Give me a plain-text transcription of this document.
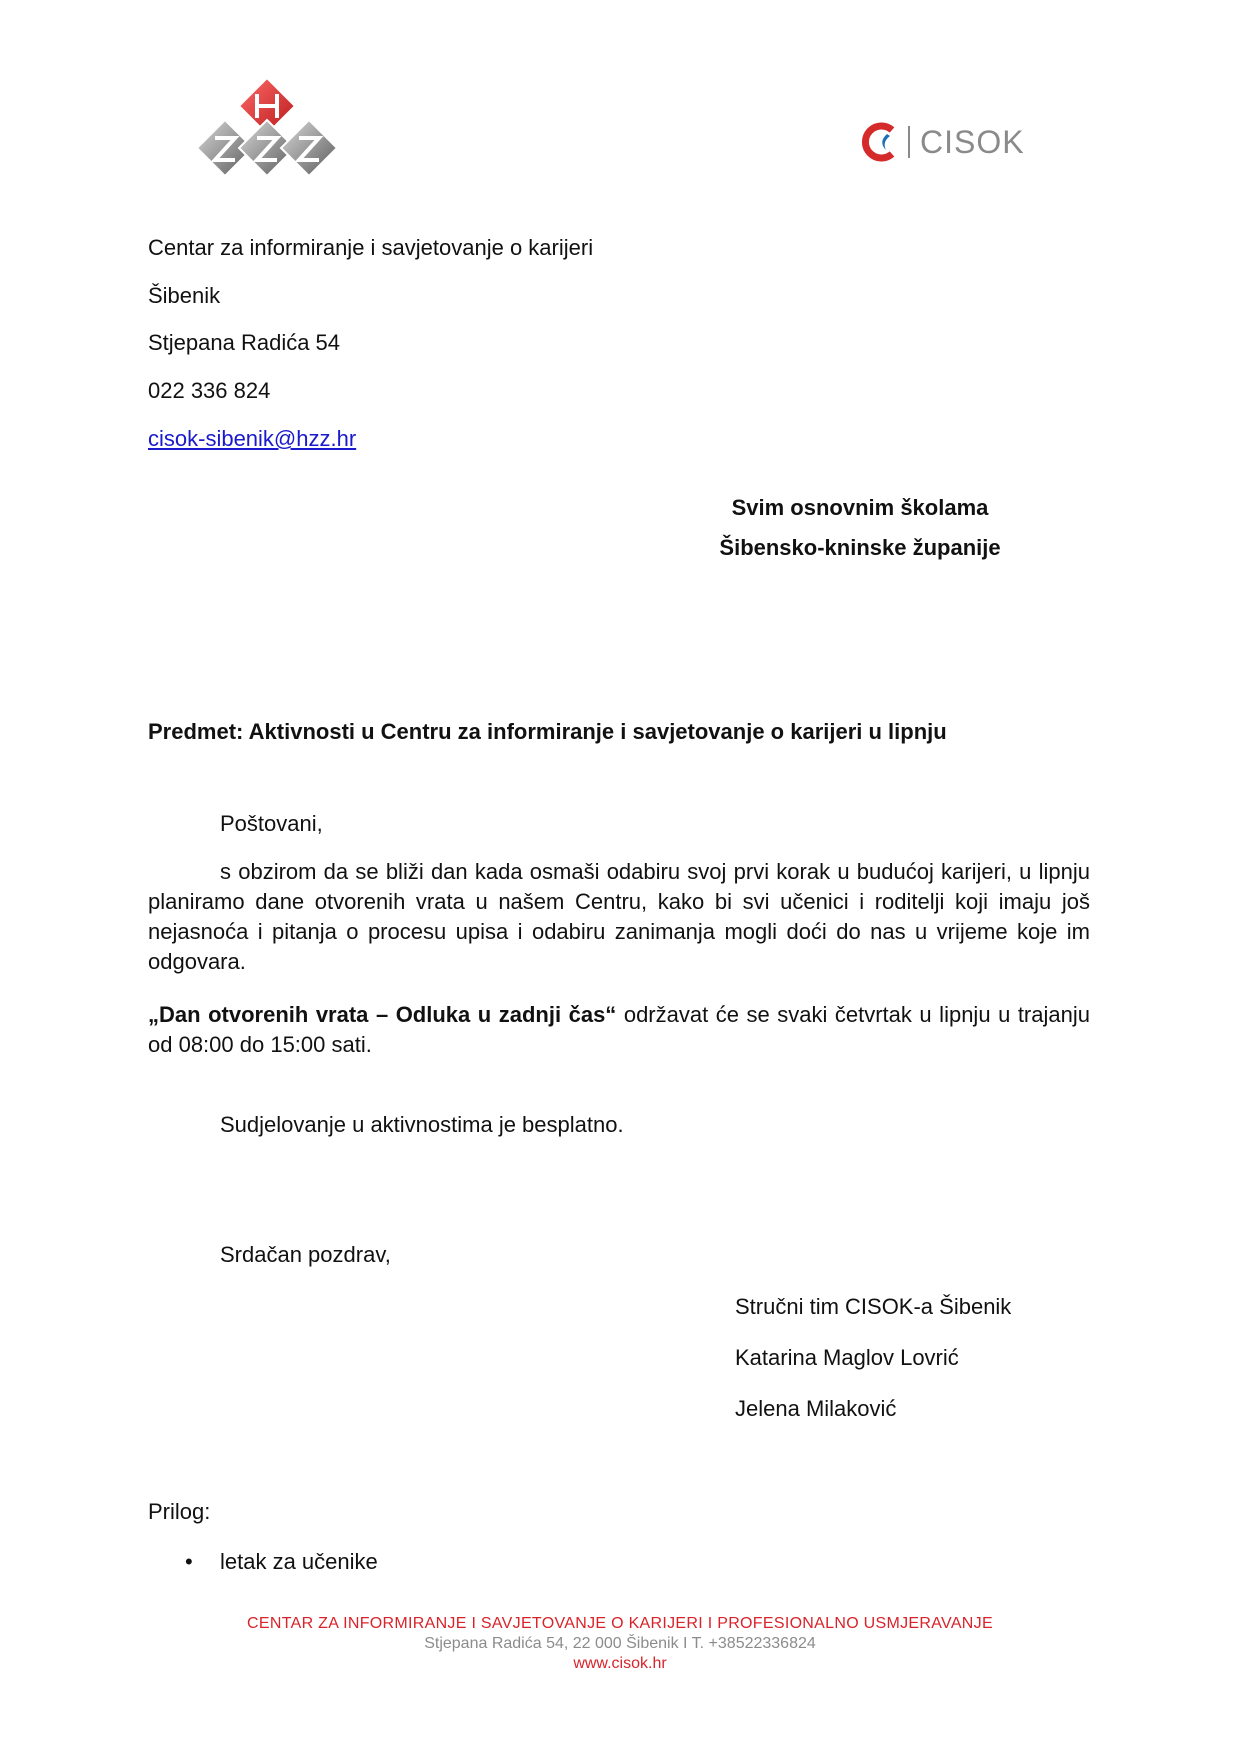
CISOK
Centar za informiranje i savjetovanje o karijeri
Šibenik
Stjepana Radića 54
022 336 824
cisok-sibenik@hzz.hr
Svim osnovnim školama
Šibensko-kninske županije
Predmet: Aktivnosti u Centru za informiranje i savjetovanje o karijeri u lipnju
Poštovani,
s obzirom da se bliži dan kada osmaši odabiru svoj prvi korak u budućoj karijeri, u lipnju planiramo dane otvorenih vrata u našem Centru, kako bi svi učenici i roditelji koji imaju još nejasnoća i pitanja o procesu upisa i odabiru zanimanja mogli doći do nas u vrijeme koje im odgovara.
„Dan otvorenih vrata – Odluka u zadnji čas“ održavat će se svaki četvrtak u lipnju u trajanju od 08:00 do 15:00 sati.
Sudjelovanje u aktivnostima je besplatno.
Srdačan pozdrav,
Stručni tim CISOK-a Šibenik
Katarina Maglov Lovrić
Jelena Milaković
Prilog:
• letak za učenike
CENTAR ZA INFORMIRANJE I SAVJETOVANJE O KARIJERI I PROFESIONALNO USMJERAVANJE
Stjepana Radića 54, 22 000 Šibenik I T. +38522336824
www.cisok.hr
